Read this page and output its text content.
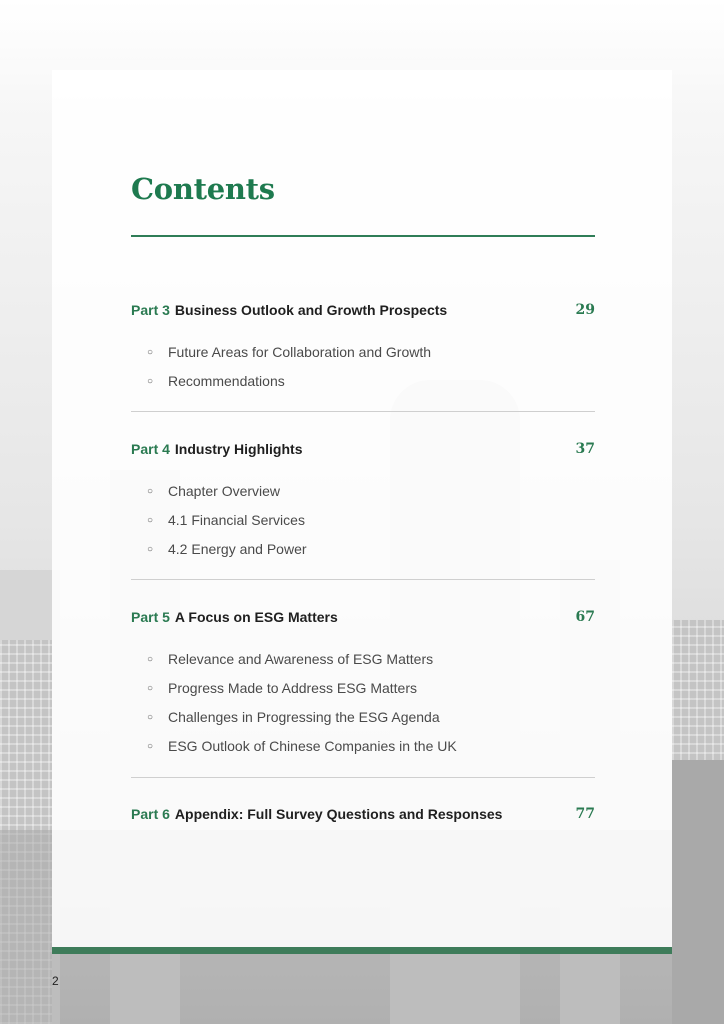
Contents
Part 3 Business Outlook and Growth Prospects	29
○ Future Areas for Collaboration and Growth
○ Recommendations
Part 4 Industry Highlights	37
○ Chapter Overview
○ 4.1 Financial Services
○ 4.2 Energy and Power
Part 5 A Focus on ESG Matters	67
○ Relevance and Awareness of ESG Matters
○ Progress Made to Address ESG Matters
○ Challenges in Progressing the ESG Agenda
○ ESG Outlook of Chinese Companies in the UK
Part 6 Appendix: Full Survey Questions and Responses	77
2
